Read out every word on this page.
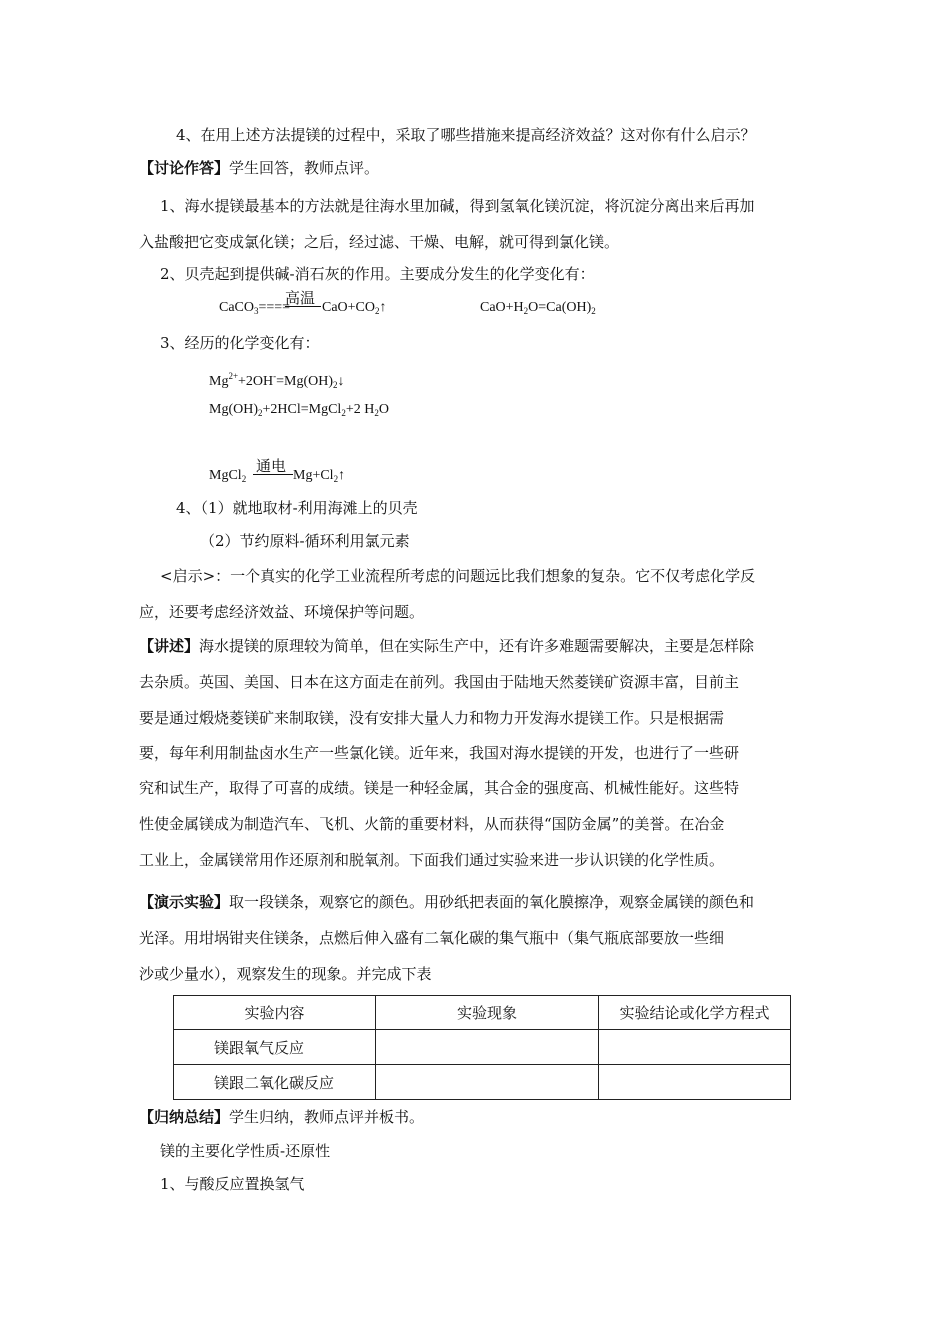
4、在用上述方法提镁的过程中，采取了哪些措施来提高经济效益？这对你有什么启示？
【讨论作答】学生回答，教师点评。
1、海水提镁最基本的方法就是往海水里加碱，得到氢氧化镁沉淀，将沉淀分离出来后再加
入盐酸把它变成氯化镁；之后，经过滤、干燥、电解，就可得到氯化镁。
2、贝壳起到提供碱-消石灰的作用。主要成分发生的化学变化有：
CaCO$_3$====
高温
$CaO+CO_2↑$	$CaO+H_2O=Ca(OH)_2$
3、经历的化学变化有：
$Mg^{2+}+2OH^-=Mg(OH)_2↓$
$Mg(OH)_2+2HCl=MgCl_2+2$ $H_2O$
MgCl$_2$
通电
$Mg+Cl_2↑$
4、（1）就地取材-利用海滩上的贝壳
（2）节约原料-循环利用氯元素
<启示>：一个真实的化学工业流程所考虑的问题远比我们想象的复杂。它不仅考虑化学反
应，还要考虑经济效益、环境保护等问题。
【讲述】海水提镁的原理较为简单，但在实际生产中，还有许多难题需要解决，主要是怎样除
去杂质。英国、美国、日本在这方面走在前列。我国由于陆地天然菱镁矿资源丰富，目前主
要是通过煅烧菱镁矿来制取镁，没有安排大量人力和物力开发海水提镁工作。只是根据需
要，每年利用制盐卤水生产一些氯化镁。近年来，我国对海水提镁的开发，也进行了一些研
究和试生产，取得了可喜的成绩。镁是一种轻金属，其合金的强度高、机械性能好。这些特
性使金属镁成为制造汽车、飞机、火箭的重要材料，从而获得“国防金属”的美誉。在冶金
工业上，金属镁常用作还原剂和脱氧剂。下面我们通过实验来进一步认识镁的化学性质。
【演示实验】取一段镁条，观察它的颜色。用砂纸把表面的氧化膜擦净，观察金属镁的颜色和
光泽。用坩埚钳夹住镁条，点燃后伸入盛有二氧化碳的集气瓶中（集气瓶底部要放一些细
沙或少量水），观察发生的现象。并完成下表
实验内容	实验现象	实验结论或化学方程式
镁跟氧气反应		
镁跟二氧化碳反应		
【归纳总结】学生归纳，教师点评并板书。
镁的主要化学性质-还原性
1、与酸反应置换氢气
